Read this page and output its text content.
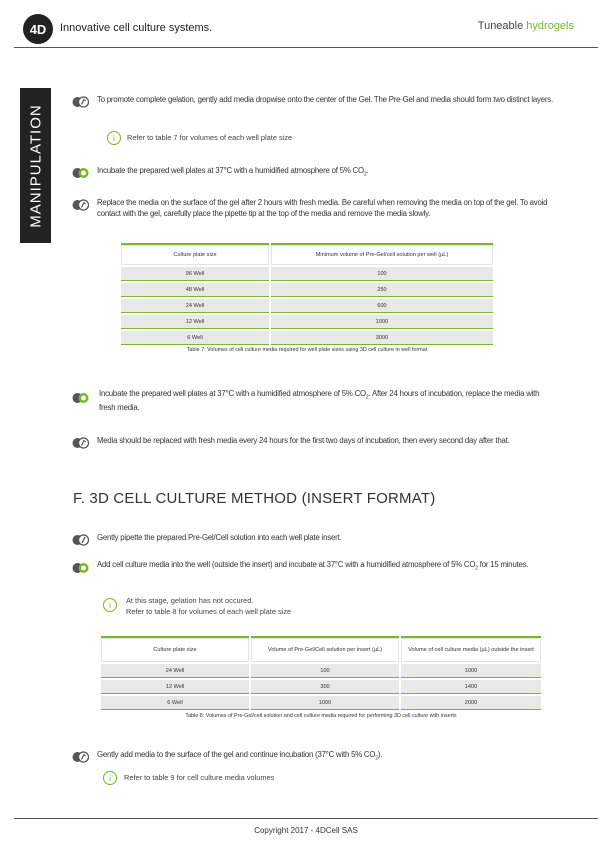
4D	Innovative cell culture systems.	Tuneable hydrogels
MANIPULATION
To promote complete gelation, gently add media dropwise onto the center of the Gel. The Pre-Gel and media should form two distinct layers.
i	Refer to table 7 for volumes of each well plate size
Incubate the prepared well plates at 37°C with a humidified atmosphere of 5% $CO_2$.
Replace the media on the surface of the gel after 2 hours with fresh media. Be careful when removing the media on top of the gel. To avoid contact with the gel, carefully place the pipette tip at the top of the media and remove the media slowly.
Culture plate size	Minimum volume of Pre-Gel/cell solution per well (µL)
96 Well	100
48 Well	250
24 Well	600
12 Well	1000
6 Well	3000
Table 7: Volumes of cell culture media required for well plate sizes using 3D cell culture in well format
Incubate the prepared well plates at 37°C with a humidified atmosphere of 5% $CO_2$. After 24 hours of incubation, replace the media with fresh media.
Media should be replaced with fresh media every 24 hours for the first two days of incubation, then every second day after that.
F. 3D CELL CULTURE METHOD (INSERT FORMAT)
Gently pipette the prepared Pre-Gel/Cell solution into each well plate insert.
Add cell culture media into the well (outside the insert) and incubate at 37°C with a humidified atmosphere of 5% $CO_2$ for 15 minutes.
i	At this stage, gelation has not occured.
Refer to table 8 for volumes of each well plate size
Culture plate size	Volume of Pre-Gel/Cell solution per insert (µL)	Volume of cell culture media (µL) outside the insert
24 Well	100	1000
12 Well	300	1400
6 Well	1000	2000
Table 8: Volumes of Pre-Gel/cell solution and cell culture media required for performing 3D cell culture with inserts
Gently add media to the surface of the gel and continue incubation (37°C with 5% $CO_2$).
i	Refer to table 9 for cell culture media volumes
Copyright 2017 - 4DCell SAS
